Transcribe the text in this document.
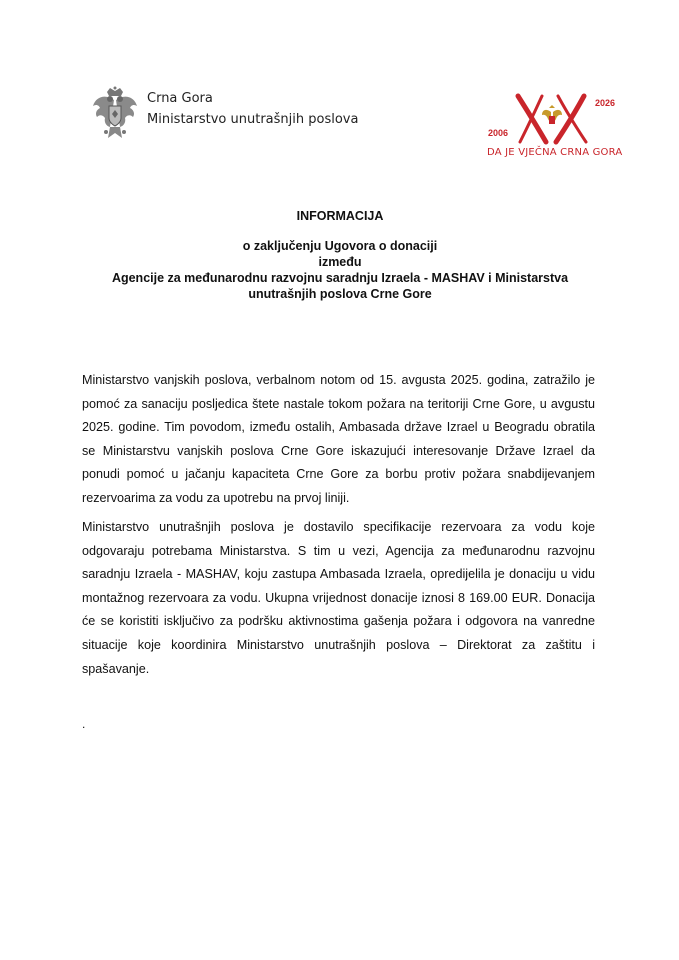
Crna Gora
Ministarstvo unutrašnjih poslova
2026
2006
DA JE VJEČNA CRNA GORA
INFORMACIJA
o zaključenju Ugovora o donaciji
između
Agencije za međunarodnu razvojnu saradnju Izraela - MASHAV i Ministarstva
unutrašnjih poslova Crne Gore

Ministarstvo vanjskih poslova, verbalnom notom od 15. avgusta 2025. godina, zatražilo je pomoć za sanaciju posljedica štete nastale tokom požara na teritoriji Crne Gore, u avgustu 2025. godine. Tim povodom, između ostalih, Ambasada države Izrael u Beogradu obratila se Ministarstvu vanjskih poslova Crne Gore iskazujući interesovanje Države Izrael da ponudi pomoć u jačanju kapaciteta Crne Gore za borbu protiv požara snabdijevanjem rezervoarima za vodu za upotrebu na prvoj liniji.

Ministarstvo unutrašnjih poslova je dostavilo specifikacije rezervoara za vodu koje odgovaraju potrebama Ministarstva. S tim u vezi, Agencija za međunarodnu razvojnu saradnju Izraela - MASHAV, koju zastupa Ambasada Izraela, opredijelila je donaciju u vidu montažnog rezervoara za vodu. Ukupna vrijednost donacije iznosi 8 169.00 EUR. Donacija će se koristiti isključivo za podršku aktivnostima gašenja požara i odgovora na vanredne situacije koje koordinira Ministarstvo unutrašnjih poslova – Direktorat za zaštitu i spašavanje.

.
